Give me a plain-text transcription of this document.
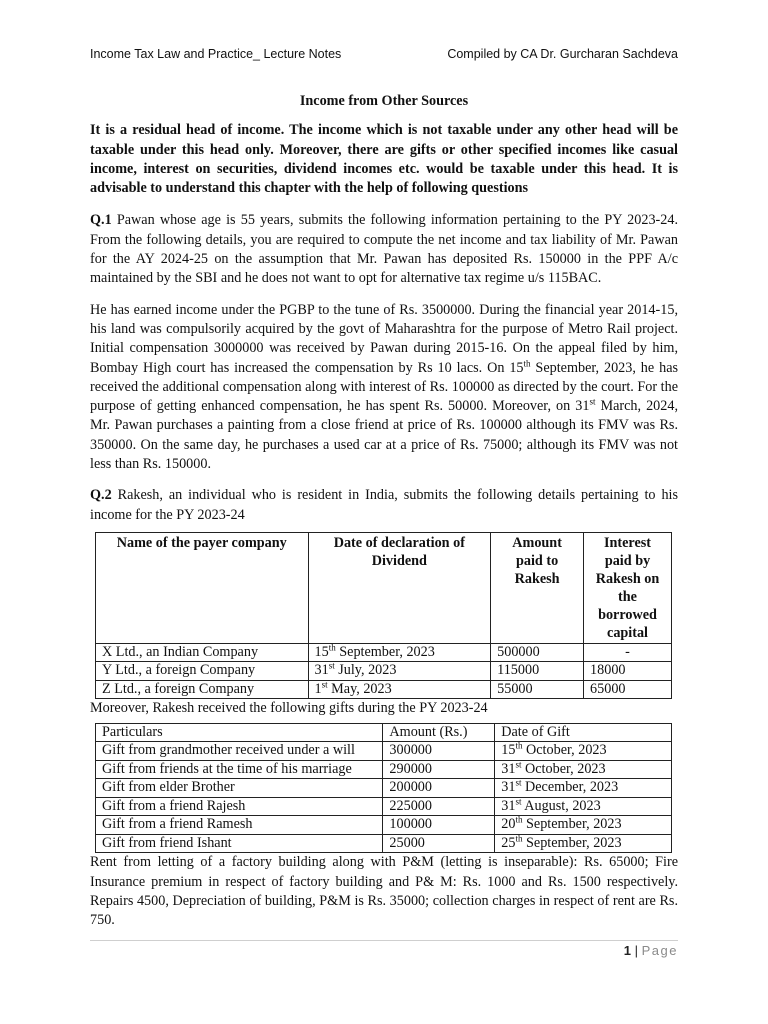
Income Tax Law and Practice_ Lecture Notes	Compiled by CA Dr. Gurcharan Sachdeva
Income from Other Sources

It is a residual head of income. The income which is not taxable under any other head will be taxable under this head only. Moreover, there are gifts or other specified incomes like casual income, interest on securities, dividend incomes etc. would be taxable under this head. It is advisable to understand this chapter with the help of following questions

Q.1 Pawan whose age is 55 years, submits the following information pertaining to the PY 2023-24. From the following details, you are required to compute the net income and tax liability of Mr. Pawan for the AY 2024-25 on the assumption that Mr. Pawan has deposited Rs. 150000 in the PPF A/c maintained by the SBI and he does not want to opt for alternative tax regime u/s 115BAC.

He has earned income under the PGBP to the tune of Rs. 3500000. During the financial year 2014-15, his land was compulsorily acquired by the govt of Maharashtra for the purpose of Metro Rail project. Initial compensation 3000000 was received by Pawan during 2015-16. On the appeal filed by him, Bombay High court has increased the compensation by Rs 10 lacs. On 15th September, 2023, he has received the additional compensation along with interest of Rs. 100000 as directed by the court. For the purpose of getting enhanced compensation, he has spent Rs. 50000. Moreover, on 31st March, 2024, Mr. Pawan purchases a painting from a close friend at price of Rs. 100000 although its FMV was Rs. 350000. On the same day, he purchases a used car at a price of Rs. 75000; although its FMV was not less than Rs. 150000.

Q.2 Rakesh, an individual who is resident in India, submits the following details pertaining to his income for the PY 2023-24

Name of the payer company	Date of declaration of Dividend	Amount paid to Rakesh	Interest paid by Rakesh on the borrowed capital
X Ltd., an Indian Company	15th September, 2023	500000	-
Y Ltd., a foreign Company	31st July, 2023	115000	18000
Z Ltd., a foreign Company	1st May, 2023	55000	65000

Moreover, Rakesh received the following gifts during the PY 2023-24

Particulars	Amount (Rs.)	Date of Gift
Gift from grandmother received under a will	300000	15th October, 2023
Gift from friends at the time of his marriage	290000	31st October, 2023
Gift from elder Brother	200000	31st December, 2023
Gift from a friend Rajesh	225000	31st August, 2023
Gift from a friend Ramesh	100000	20th September, 2023
Gift from friend Ishant	25000	25th September, 2023

Rent from letting of a factory building along with P&M (letting is inseparable): Rs. 65000; Fire Insurance premium in respect of factory building and P& M: Rs. 1000 and Rs. 1500 respectively. Repairs 4500, Depreciation of building, P&M is Rs. 35000; collection charges in respect of rent are Rs. 750.

1 | Page
